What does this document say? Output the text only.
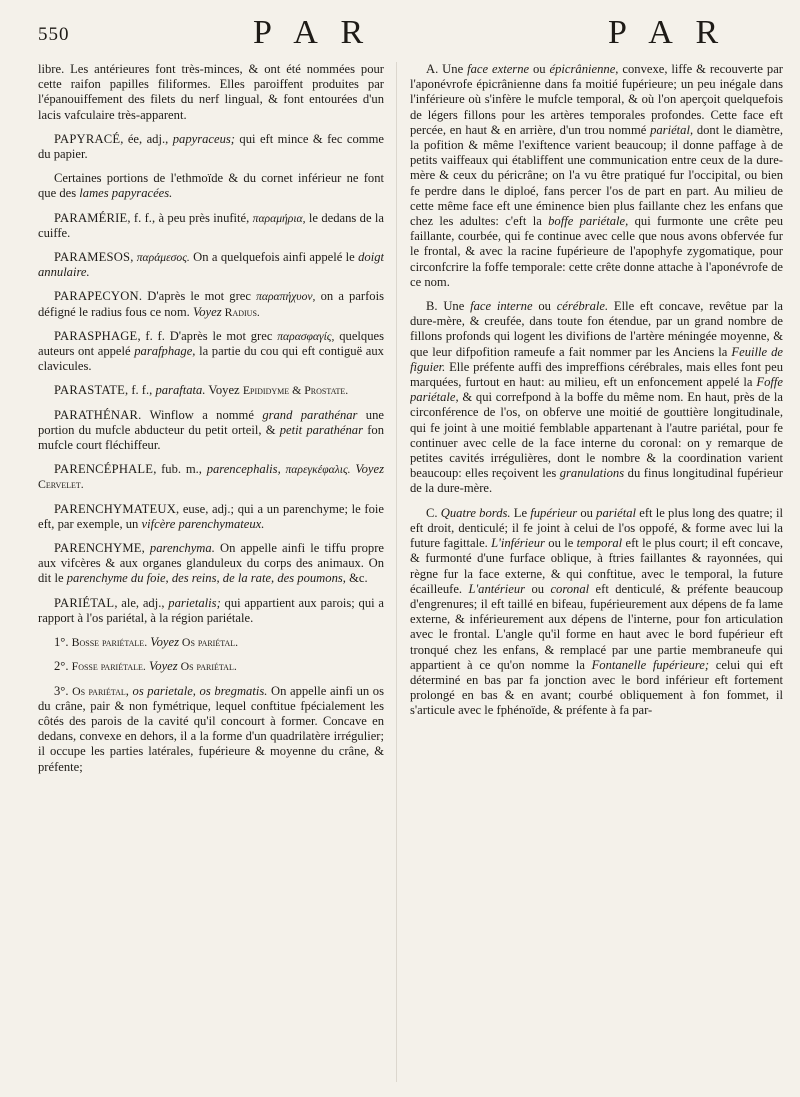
550	P A R	P A R

libre. Les antérieures font très-minces, & ont été nommées pour cette raifon papilles filiformes. Elles paroiffent produites par l'épanouiffement des filets du nerf lingual, & font entourées d'un lacis vafculaire très-apparent.

PAPYRACÉ, ée, adj., papyraceus; qui eft mince & fec comme du papier.

Certaines portions de l'ethmoïde & du cornet inférieur ne font que des lames papyracées.

PARAMÉRIE, f. f., à peu près inufité, παραμήρια, le dedans de la cuiffe.

PARAMESOS, παράμεσος. On a quelquefois ainfi appelé le doigt annulaire.

PARAPECYON. D'après le mot grec παραπήχυον, on a parfois défigné le radius fous ce nom. Voyez Radius.

PARASPHAGE, f. f. D'après le mot grec παρασφαγίς, quelques auteurs ont appelé parafphage, la partie du cou qui eft contiguë aux clavicules.

PARASTATE, f. f., paraftata. Voyez Epididyme & Prostate.

PARATHÉNAR. Winflow a nommé grand parathénar une portion du mufcle abducteur du petit orteil, & petit parathénar fon mufcle court fléchiffeur.

PARENCÉPHALE, fub. m., parencephalis, παρεγκέφαλις. Voyez Cervelet.

PARENCHYMATEUX, euse, adj.; qui a un parenchyme; le foie eft, par exemple, un vifcère parenchymateux.

PARENCHYME, parenchyma. On appelle ainfi le tiffu propre aux vifcères & aux organes glanduleux du corps des animaux. On dit le parenchyme du foie, des reins, de la rate, des poumons, &c.

PARIÉTAL, ale, adj., parietalis; qui appartient aux parois; qui a rapport à l'os pariétal, à la région pariétale.

1°. Bosse pariétale. Voyez Os pariétal.

2°. Fosse pariétale. Voyez Os pariétal.

3°. Os pariétal, os parietale, os bregmatis. On appelle ainfi un os du crâne, pair & non fymétrique, lequel conftitue fpécialement les côtés des parois de la cavité qu'il concourt à former. Concave en dedans, convexe en dehors, il a la forme d'un quadrilatère irrégulier; il occupe les parties latérales, fupérieure & moyenne du crâne, & préfente;

A. Une face externe ou épicrânienne, convexe, liffe & recouverte par l'aponévrofe épicrânienne dans fa moitié fupérieure; un peu inégale dans l'inférieure où s'infère le mufcle temporal, & où l'on aperçoit quelquefois de légers fillons pour les artères temporales profondes. Cette face eft percée, en haut & en arrière, d'un trou nommé pariétal, dont le diamètre, la pofition & même l'exiftence varient beaucoup; il donne paffage à de petits vaiffeaux qui établiffent une communication entre ceux de la dure-mère & ceux du péricrâne; on l'a vu être pratiqué fur l'occipital, ou bien fe perdre dans le diploé, fans percer l'os de part en part. Au milieu de cette même face eft une éminence bien plus faillante chez les enfans que chez les adultes: c'eft la boffe pariétale, qui furmonte une crête peu faillante, courbée, qui fe continue avec celle que nous avons obfervée fur le frontal, & avec la racine fupérieure de l'apophyfe zygomatique, pour circonfcrire la foffe temporale: cette crête donne attache à l'aponévrofe de ce nom.

B. Une face interne ou cérébrale. Elle eft concave, revêtue par la dure-mère, & creufée, dans toute fon étendue, par un grand nombre de fillons profonds qui logent les divifions de l'artère méningée moyenne, & que leur difpofition rameufe a fait nommer par les Anciens la Feuille de figuier. Elle préfente auffi des impreffions cérébrales, mais elles font peu marquées, furtout en haut: au milieu, eft un enfoncement appelé la Foffe pariétale, & qui correfpond à la boffe du même nom. En haut, près de la circonférence de l'os, on obferve une moitié de gouttière longitudinale, qui fe joint à une moitié femblable appartenant à l'autre pariétal, pour fe continuer avec celle de la face interne du coronal: on y remarque de petites cavités irrégulières, dont le nombre & la coordination varient beaucoup: elles reçoivent les granulations du finus longitudinal fupérieur de la dure-mère.

C. Quatre bords. Le fupérieur ou pariétal eft le plus long des quatre; il eft droit, denticulé; il fe joint à celui de l'os oppofé, & forme avec lui la future fagittale. L'inférieur ou le temporal eft le plus court; il eft concave, & furmonté d'une furface oblique, à ftries faillantes & rayonnées, qui règne fur la face externe, & qui conftitue, avec le temporal, la future écailleufe. L'antérieur ou coronal eft denticulé, & préfente beaucoup d'engrenures; il eft taillé en bifeau, fupérieurement aux dépens de fa lame externe, & inférieurement aux dépens de l'interne, pour fon articulation avec le frontal. L'angle qu'il forme en haut avec le bord fupérieur eft tronqué chez les enfans, & remplacé par une partie membraneufe qui appartient à ce qu'on nomme la Fontanelle fupérieure; celui qui eft déterminé en bas par fa jonction avec le bord inférieur eft fortement prolongé en bas & en avant; courbé obliquement à fon fommet, il s'articule avec le fphénoïde, & préfente à fa par-
